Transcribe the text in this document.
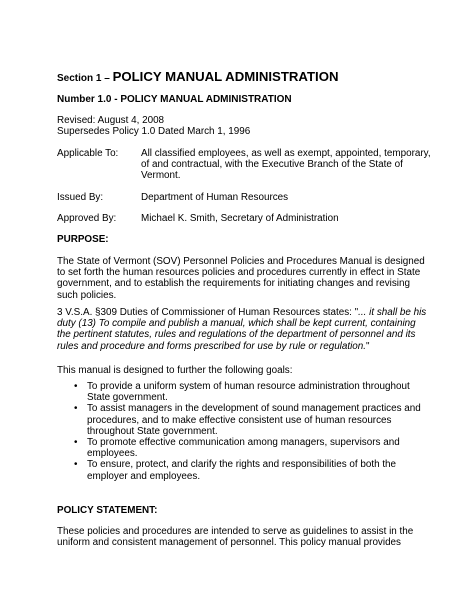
Section 1 – POLICY MANUAL ADMINISTRATION
Number 1.0 - POLICY MANUAL ADMINISTRATION
Revised: August 4, 2008
Supersedes Policy 1.0 Dated March 1, 1996
Applicable To:	All classified employees, as well as exempt, appointed, temporary, of and contractual, with the Executive Branch of the State of Vermont.
Issued By:	Department of Human Resources
Approved By:	Michael K. Smith, Secretary of Administration
PURPOSE:

The State of Vermont (SOV) Personnel Policies and Procedures Manual is designed to set forth the human resources policies and procedures currently in effect in State government, and to establish the requirements for initiating changes and revising such policies.

3 V.S.A. §309 Duties of Commissioner of Human Resources states: "... it shall be his duty (13) To compile and publish a manual, which shall be kept current, containing the pertinent statutes, rules and regulations of the department of personnel and its rules and procedure and forms prescribed for use by rule or regulation."

This manual is designed to further the following goals:
• To provide a uniform system of human resource administration throughout State government.
• To assist managers in the development of sound management practices and procedures, and to make effective consistent use of human resources throughout State government.
• To promote effective communication among managers, supervisors and employees.
• To ensure, protect, and clarify the rights and responsibilities of both the employer and employees.
POLICY STATEMENT:

These policies and procedures are intended to serve as guidelines to assist in the uniform and consistent management of personnel. This policy manual provides
